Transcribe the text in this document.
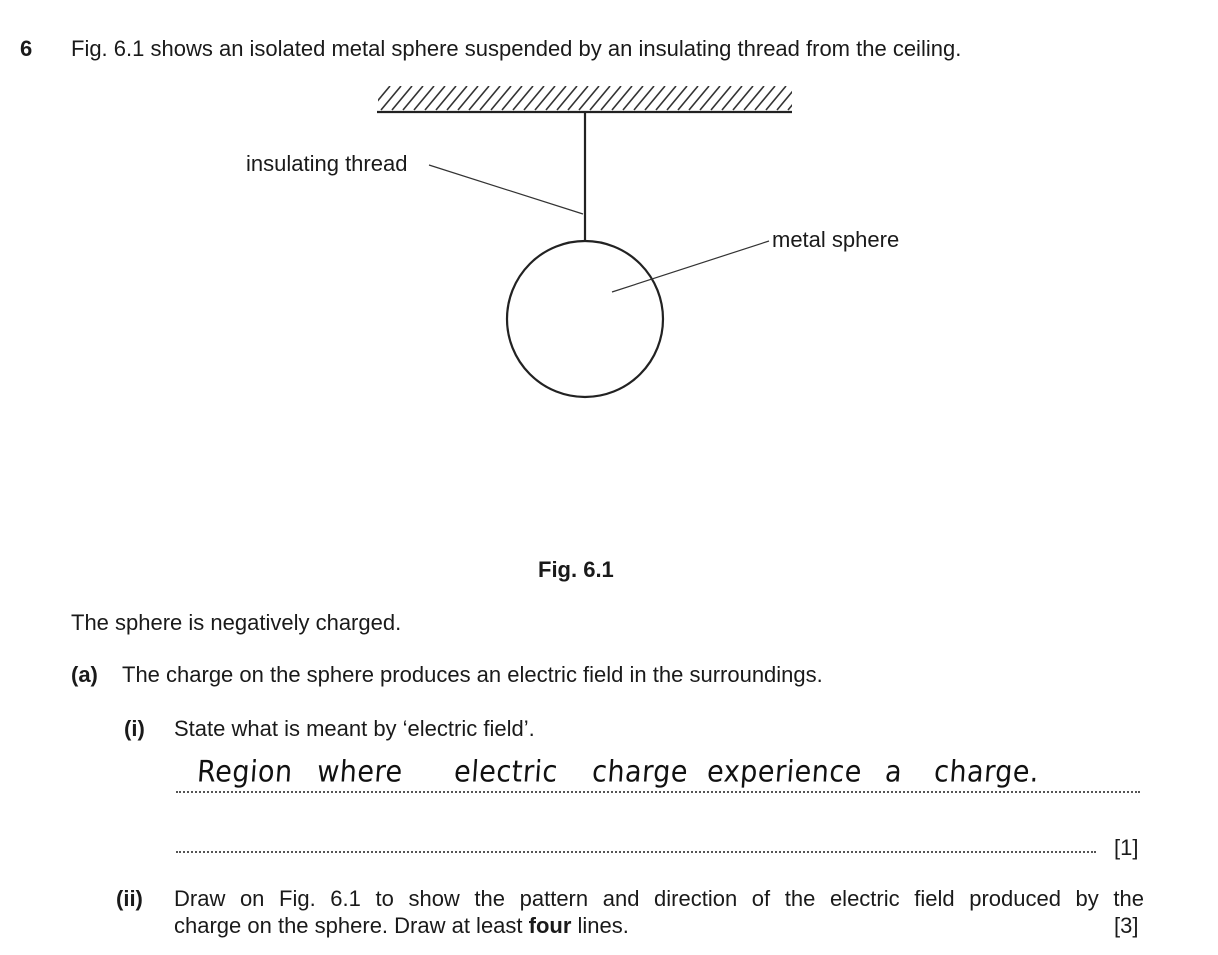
6 Fig. 6.1 shows an isolated metal sphere suspended by an insulating thread from the ceiling.
insulating thread
metal sphere
Fig. 6.1
The sphere is negatively charged.
(a) The charge on the sphere produces an electric field in the surroundings.
(i) State what is meant by ‘electric field’.
Region where electric charge experience a charge.
[1]
(ii) Draw on Fig. 6.1 to show the pattern and direction of the electric field produced by the
charge on the sphere. Draw at least four lines.	[3]
